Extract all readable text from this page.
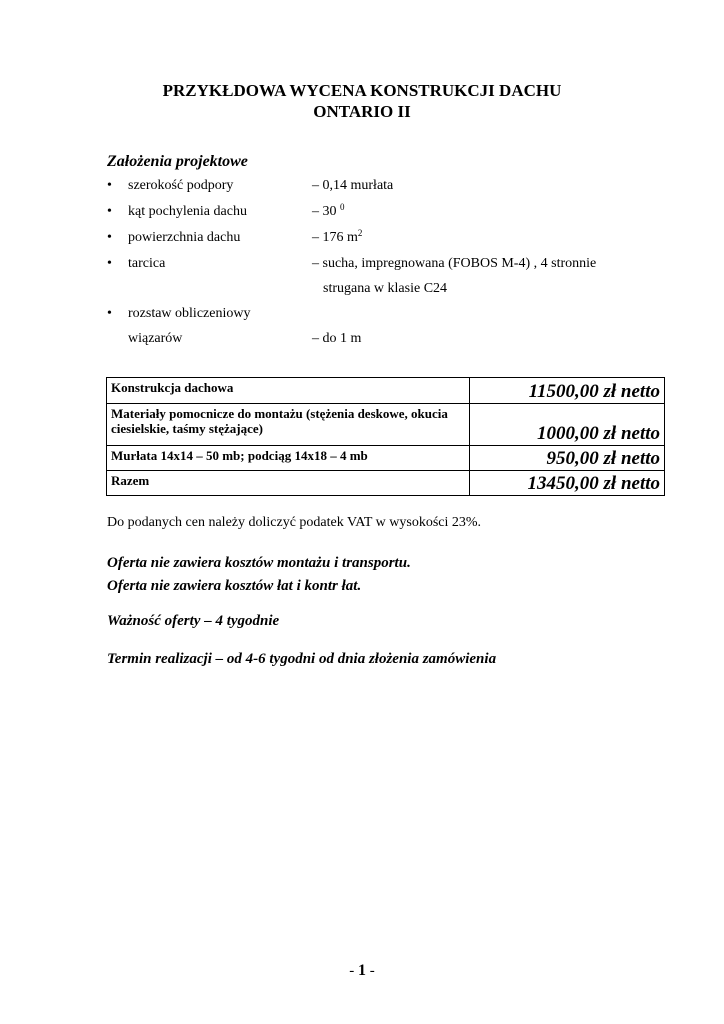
PRZYKŁDOWA WYCENA KONSTRUKCJI DACHU
ONTARIO II
Założenia projektowe
•	szerokość podpory	– 0,14 murłata
•	kąt pochylenia dachu	– 30 $^0$
•	powierzchnia dachu	– 176 $m^2$
•	tarcica	– sucha, impregnowana (FOBOS M-4) , 4 stronnie
strugana w klasie C24
•	rozstaw obliczeniowy
wiązarów	– do 1 m
Konstrukcja dachowa	11500,00 zł netto
Materiały pomocnicze do montażu (stężenia deskowe, okucia ciesielskie, taśmy stężające)	1000,00 zł netto
Murłata 14x14 – 50 mb; podciąg 14x18 – 4 mb	950,00 zł netto
Razem	13450,00 zł netto
Do podanych cen należy doliczyć podatek VAT w wysokości 23%.
Oferta nie zawiera kosztów montażu i transportu.
Oferta nie zawiera kosztów łat i kontr łat.
Ważność oferty – 4 tygodnie
Termin realizacji – od 4-6 tygodni od dnia złożenia zamówienia
- 1 -
